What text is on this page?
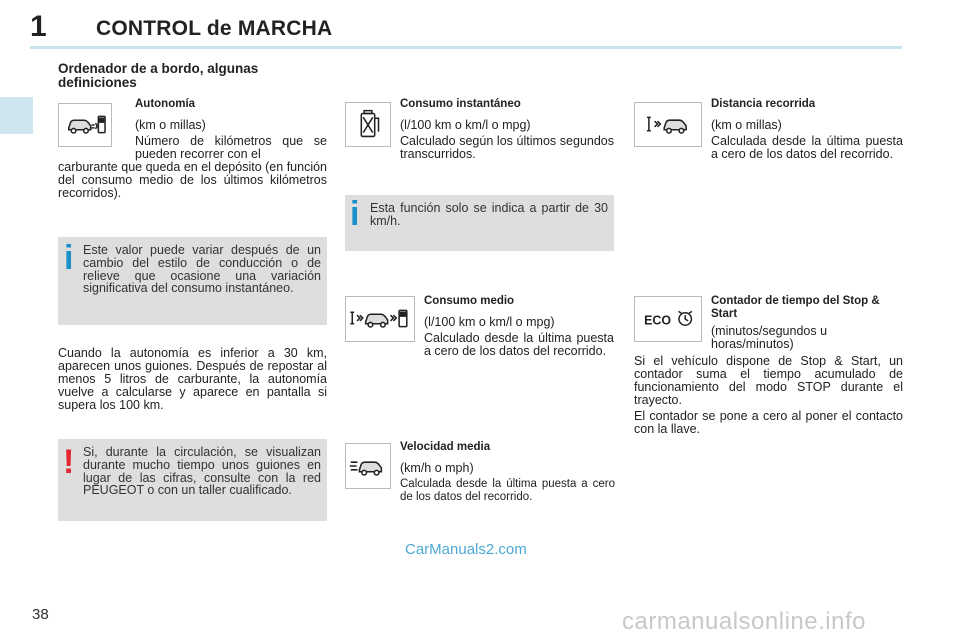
1 CONTROL de MARCHA
Ordenador de a bordo, algunas definiciones
Autonomía
(km o millas)
Número de kilómetros que se pueden recorrer con el
carburante que queda en el depósito (en función del consumo medio de los últimos kilómetros recorridos).
i Este valor puede variar después de un cambio del estilo de conducción o de relieve que ocasione una variación significativa del consumo instantáneo.
Cuando la autonomía es inferior a 30 km, aparecen unos guiones. Después de repostar al menos 5 litros de carburante, la autonomía vuelve a calcularse y aparece en pantalla si supera los 100 km.
! Si, durante la circulación, se visualizan durante mucho tiempo unos guiones en lugar de las cifras, consulte con la red PEUGEOT o con un taller cualificado.
Consumo instantáneo
(l/100 km o km/l o mpg)
Calculado según los últimos segundos transcurridos.
i Esta función solo se indica a partir de 30 km/h.
Consumo medio
(l/100 km o km/l o mpg)
Calculado desde la última puesta a cero de los datos del recorrido.
Velocidad media
(km/h o mph)
Calculada desde la última puesta a cero de los datos del recorrido.
Distancia recorrida
(km o millas)
Calculada desde la última puesta a cero de los datos del recorrido.
ECO
Contador de tiempo del Stop & Start
(minutos/segundos u horas/minutos)
Si el vehículo dispone de Stop & Start, un contador suma el tiempo acumulado de funcionamiento del modo STOP durante el trayecto.
El contador se pone a cero al poner el contacto con la llave.
CarManuals2.com
38	carmanualsonline.info
